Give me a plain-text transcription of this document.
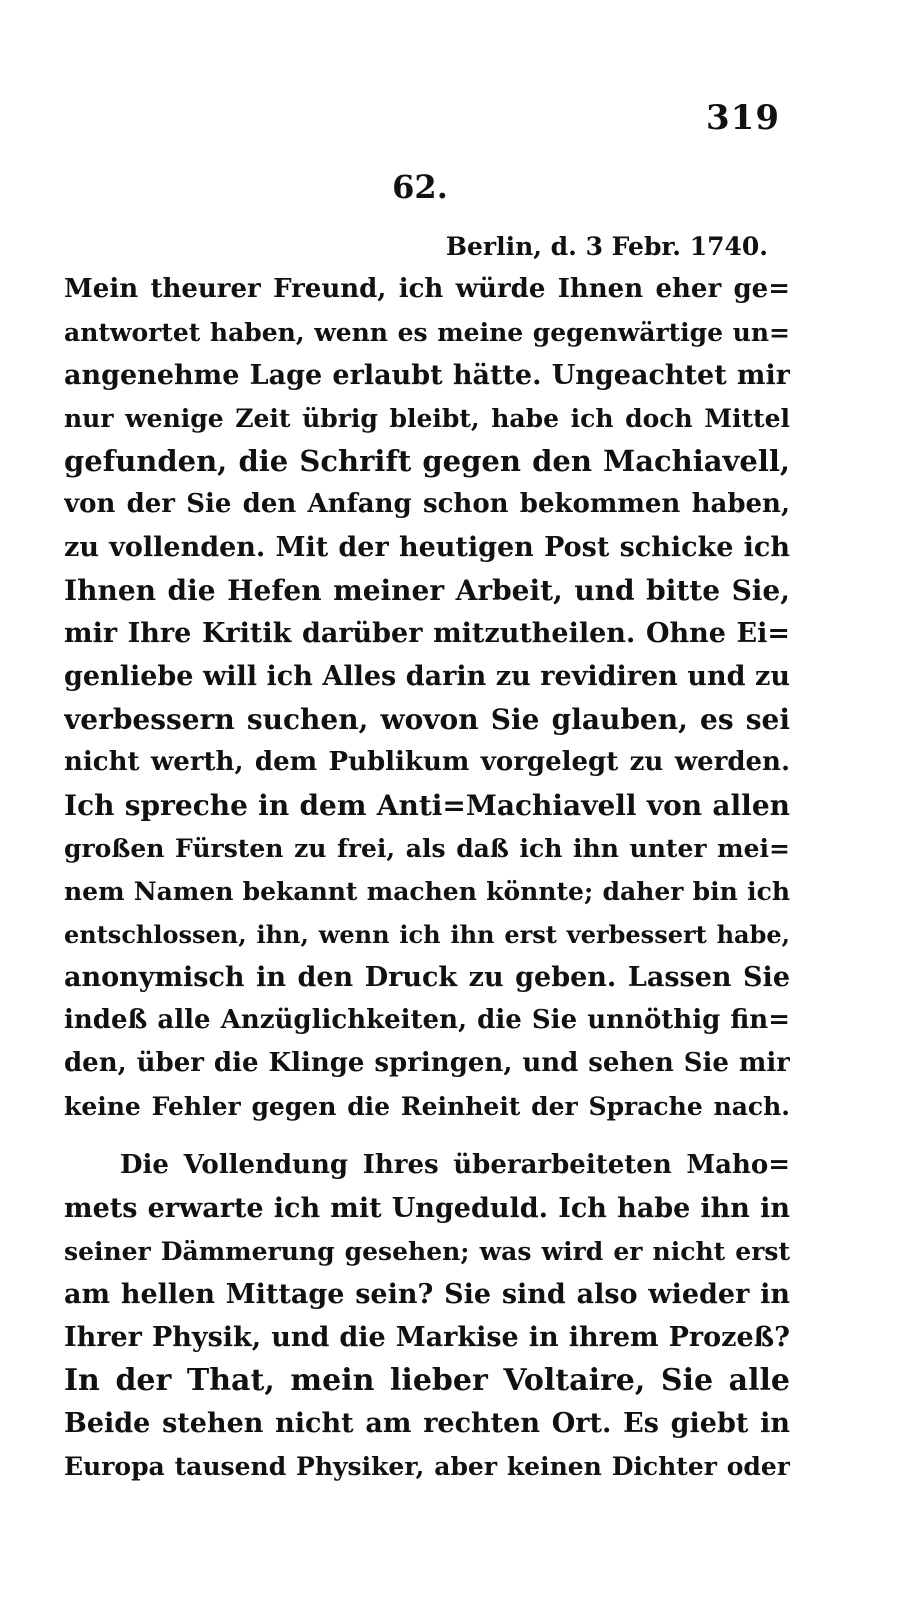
319
62.
Berlin, d. 3 Febr. 1740.
Mein theurer Freund, ich würde Ihnen eher ge=
antwortet haben, wenn es meine gegenwärtige un=
angenehme Lage erlaubt hätte. Ungeachtet mir
nur wenige Zeit übrig bleibt, habe ich doch Mittel
gefunden, die Schrift gegen den Machiavell,
von der Sie den Anfang schon bekommen haben,
zu vollenden. Mit der heutigen Post schicke ich
Ihnen die Hefen meiner Arbeit, und bitte Sie,
mir Ihre Kritik darüber mitzutheilen. Ohne Ei=
genliebe will ich Alles darin zu revidiren und zu
verbessern suchen, wovon Sie glauben, es sei
nicht werth, dem Publikum vorgelegt zu werden.
Ich spreche in dem Anti=Machiavell von allen
großen Fürsten zu frei, als daß ich ihn unter mei=
nem Namen bekannt machen könnte; daher bin ich
entschlossen, ihn, wenn ich ihn erst verbessert habe,
anonymisch in den Druck zu geben. Lassen Sie
indeß alle Anzüglichkeiten, die Sie unnöthig fin=
den, über die Klinge springen, und sehen Sie mir
keine Fehler gegen die Reinheit der Sprache nach.
Die Vollendung Ihres überarbeiteten Maho=
mets erwarte ich mit Ungeduld. Ich habe ihn in
seiner Dämmerung gesehen; was wird er nicht erst
am hellen Mittage sein? Sie sind also wieder in
Ihrer Physik, und die Markise in ihrem Prozeß?
In der That, mein lieber Voltaire, Sie alle
Beide stehen nicht am rechten Ort. Es giebt in
Europa tausend Physiker, aber keinen Dichter oder
